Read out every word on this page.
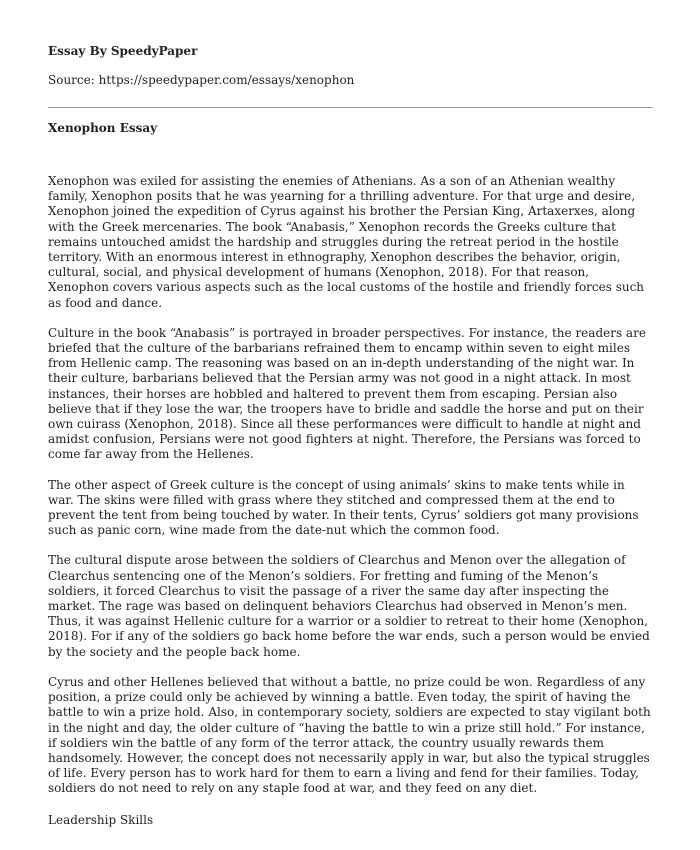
Essay By SpeedyPaper
Source: https://speedypaper.com/essays/xenophon
Xenophon Essay

Xenophon was exiled for assisting the enemies of Athenians. As a son of an Athenian wealthy family, Xenophon posits that he was yearning for a thrilling adventure. For that urge and desire, Xenophon joined the expedition of Cyrus against his brother the Persian King, Artaxerxes, along with the Greek mercenaries. The book “Anabasis,” Xenophon records the Greeks culture that remains untouched amidst the hardship and struggles during the retreat period in the hostile territory. With an enormous interest in ethnography, Xenophon describes the behavior, origin, cultural, social, and physical development of humans (Xenophon, 2018). For that reason, Xenophon covers various aspects such as the local customs of the hostile and friendly forces such as food and dance.

Culture in the book “Anabasis” is portrayed in broader perspectives. For instance, the readers are briefed that the culture of the barbarians refrained them to encamp within seven to eight miles from Hellenic camp. The reasoning was based on an in-depth understanding of the night war. In their culture, barbarians believed that the Persian army was not good in a night attack. In most instances, their horses are hobbled and haltered to prevent them from escaping. Persian also believe that if they lose the war, the troopers have to bridle and saddle the horse and put on their own cuirass (Xenophon, 2018). Since all these performances were difficult to handle at night and amidst confusion, Persians were not good fighters at night. Therefore, the Persians was forced to come far away from the Hellenes.

The other aspect of Greek culture is the concept of using animals’ skins to make tents while in war. The skins were filled with grass where they stitched and compressed them at the end to prevent the tent from being touched by water. In their tents, Cyrus’ soldiers got many provisions such as panic corn, wine made from the date-nut which the common food.

The cultural dispute arose between the soldiers of Clearchus and Menon over the allegation of Clearchus sentencing one of the Menon’s soldiers. For fretting and fuming of the Menon’s soldiers, it forced Clearchus to visit the passage of a river the same day after inspecting the market. The rage was based on delinquent behaviors Clearchus had observed in Menon’s men. Thus, it was against Hellenic culture for a warrior or a soldier to retreat to their home (Xenophon, 2018). For if any of the soldiers go back home before the war ends, such a person would be envied by the society and the people back home.

Cyrus and other Hellenes believed that without a battle, no prize could be won. Regardless of any position, a prize could only be achieved by winning a battle. Even today, the spirit of having the battle to win a prize hold. Also, in contemporary society, soldiers are expected to stay vigilant both in the night and day, the older culture of “having the battle to win a prize still hold.” For instance, if soldiers win the battle of any form of the terror attack, the country usually rewards them handsomely. However, the concept does not necessarily apply in war, but also the typical struggles of life. Every person has to work hard for them to earn a living and fend for their families. Today, soldiers do not need to rely on any staple food at war, and they feed on any diet.

Leadership Skills
